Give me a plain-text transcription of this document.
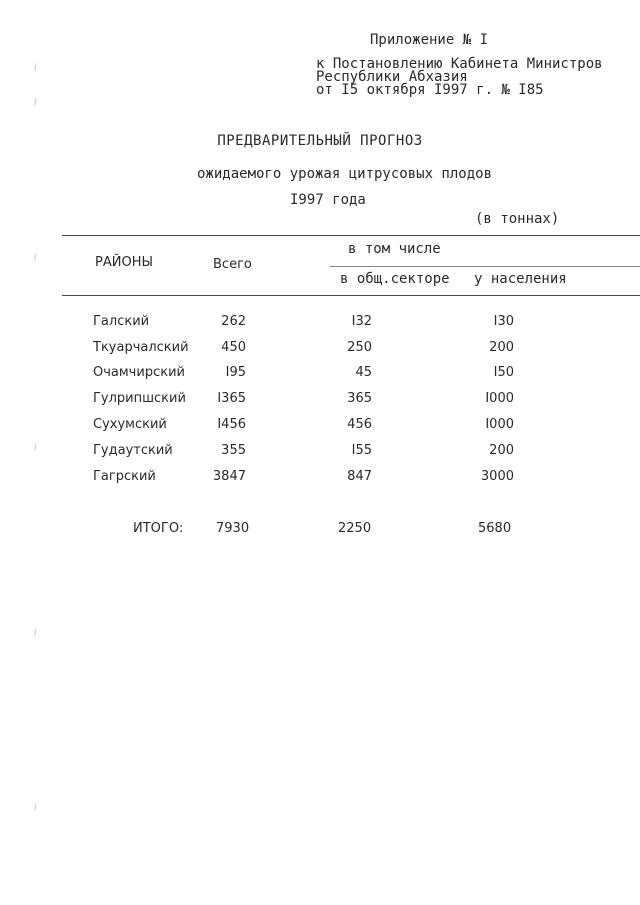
Приложение № I
к Постановлению Кабинета Министров
Республики Абхазия
от I5 октября I997 г. № I85
ПРЕДВАРИТЕЛЬНЫЙ ПРОГНОЗ
ожидаемого урожая цитрусовых плодов
I997 года
(в тоннах)
РАЙОНЫ	Всего
в том числе
в общ.секторе у населения
Галский	262	I32	I30
Ткуарчалский	450	250	200
Очамчирский	I95	45	I50
Гулрипшский	I365	365	I000
Сухумский	I456	456	I000
Гудаутский	355	I55	200
Гагрский	3847	847	3000
ИТОГО:	7930	2250	5680
∽
∽
∽
∽
∽
∽
